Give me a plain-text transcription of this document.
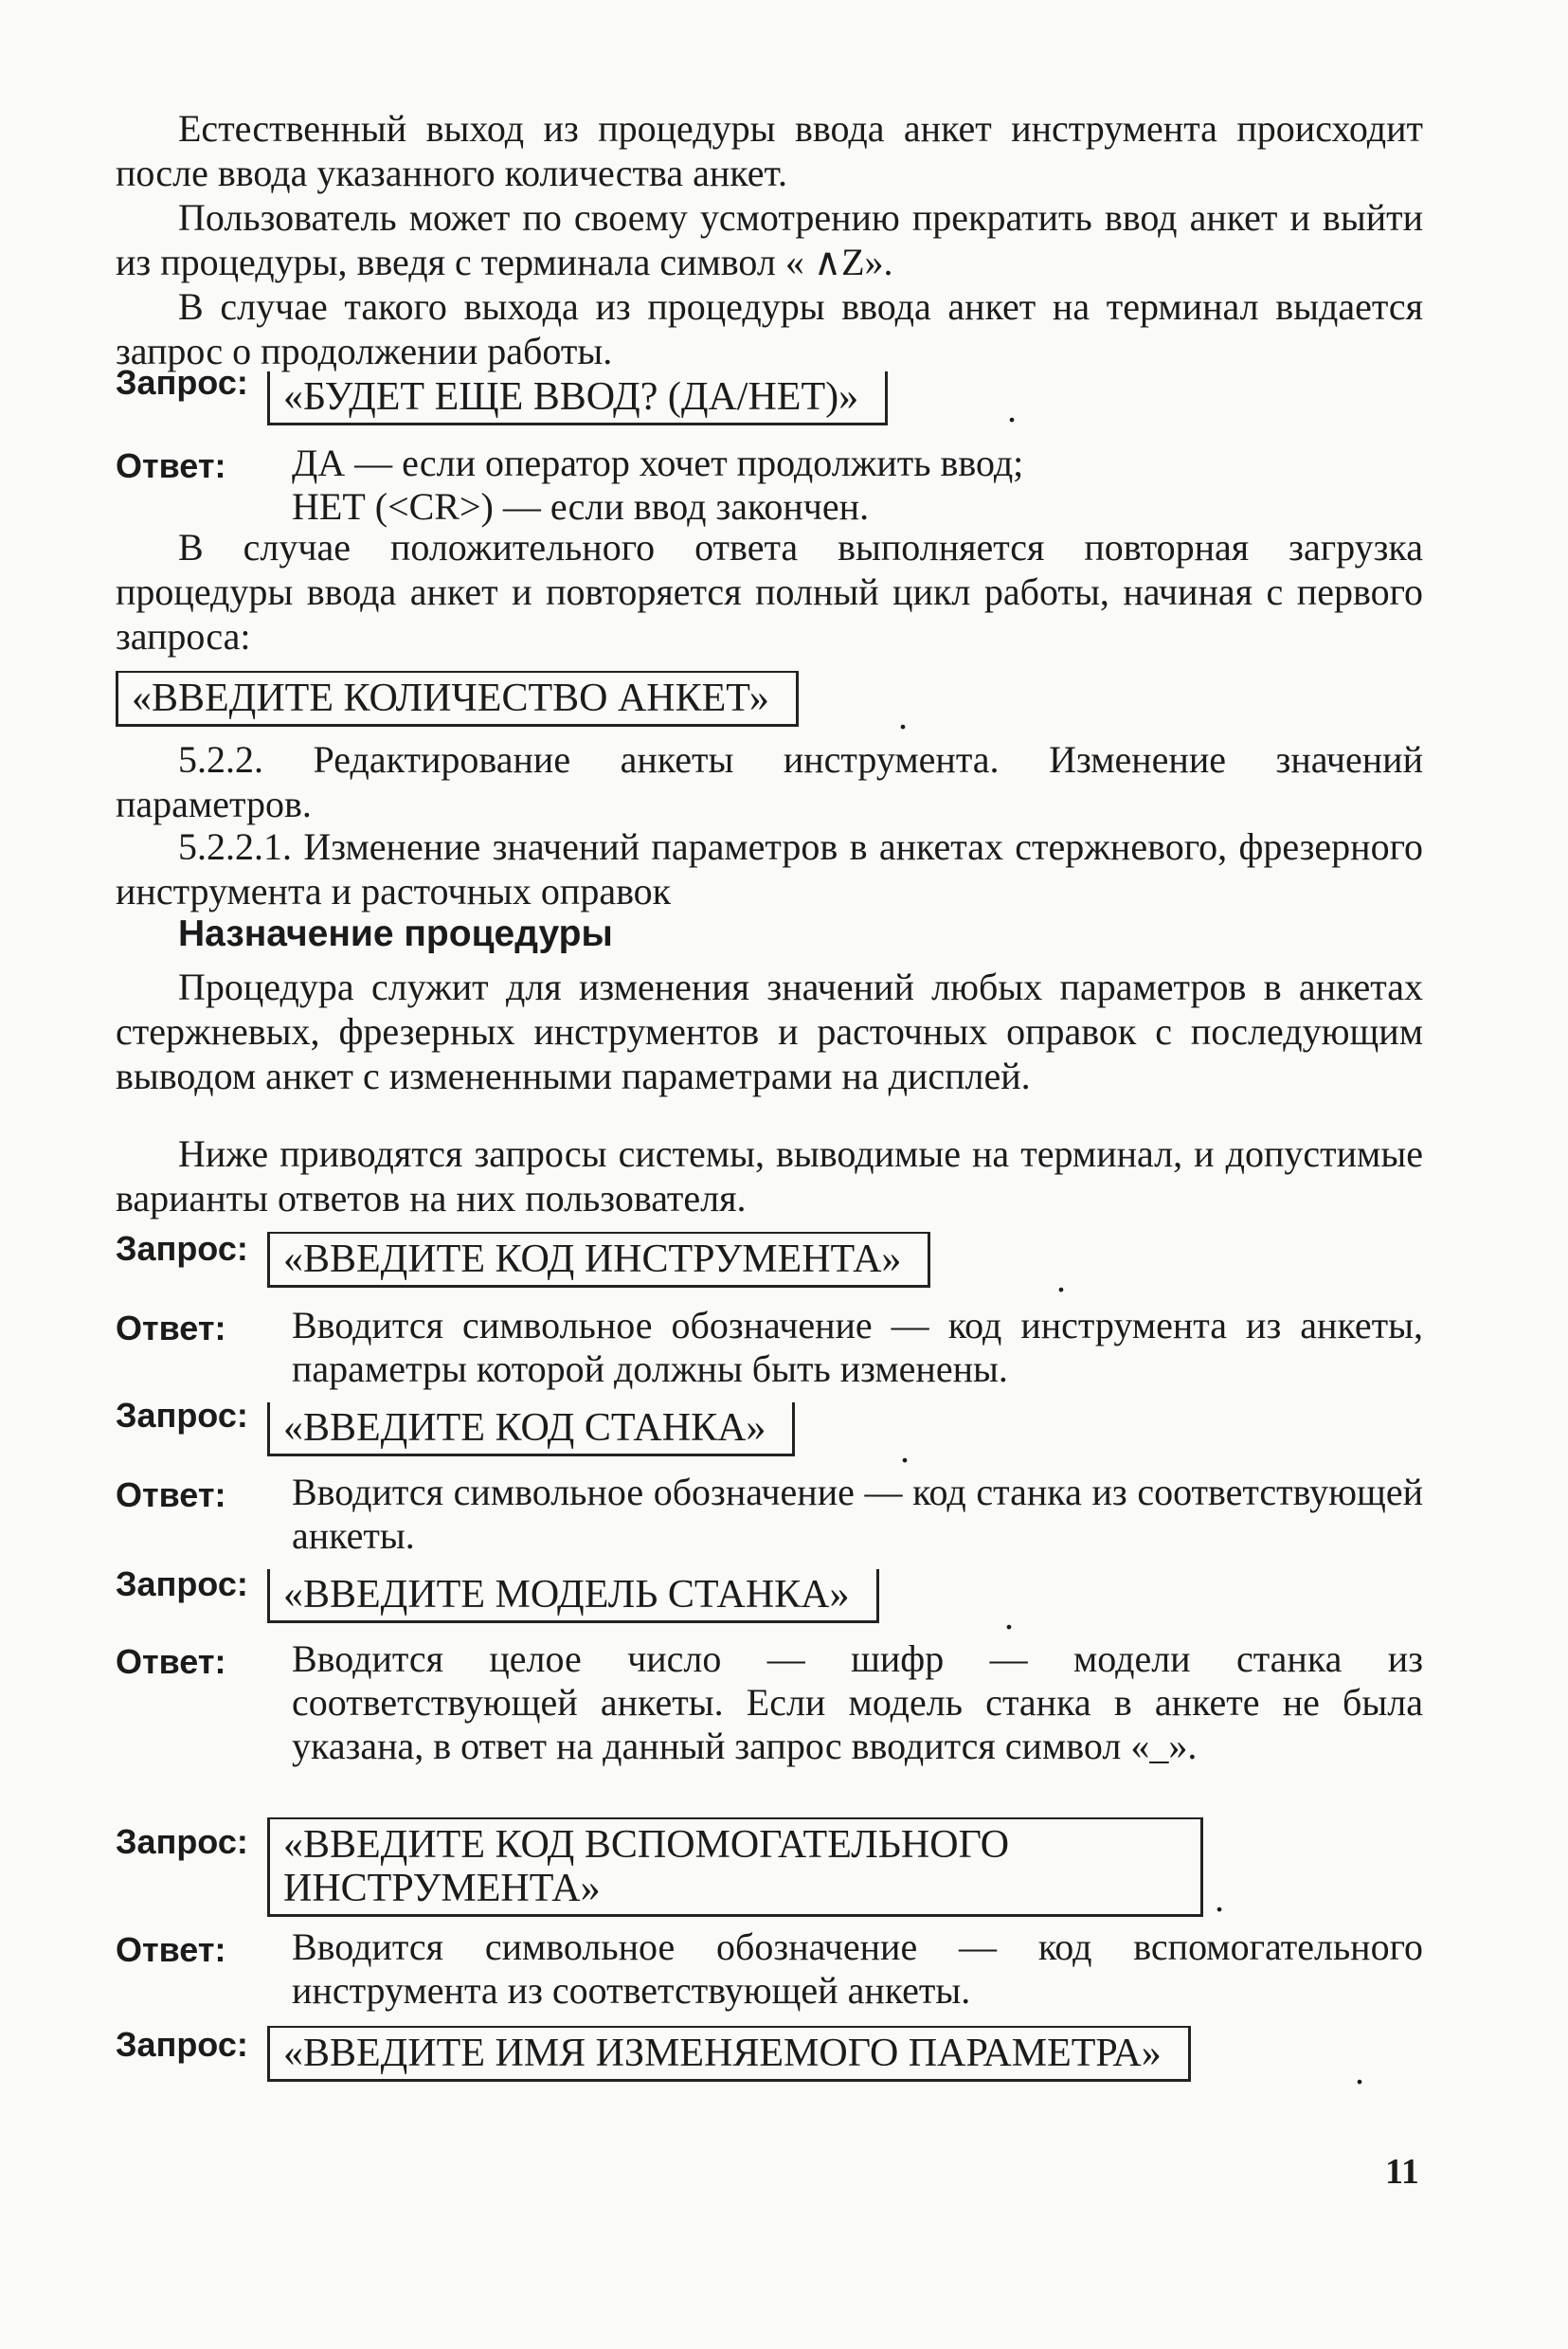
Естественный выход из процедуры ввода анкет инструмента происходит после ввода указанного количества анкет.

Пользователь может по своему усмотрению прекратить ввод анкет и выйти из процедуры, введя с терминала символ « ∧Z».

В случае такого выхода из процедуры ввода анкет на терминал выдается запрос о продолжении работы.

Запрос: «БУДЕТ ЕЩЕ ВВОД? (ДА/НЕТ)»	.
Ответ: ДА — если оператор хочет продолжить ввод;
НЕТ (<CR>) — если ввод закончен.

В случае положительного ответа выполняется повторная загрузка процедуры ввода анкет и повторяется полный цикл работы, начиная с первого запроса:

«ВВЕДИТЕ КОЛИЧЕСТВО АНКЕТ»	.

5.2.2. Редактирование анкеты инструмента. Изменение значений параметров.

5.2.2.1. Изменение значений параметров в анкетах стержневого, фрезерного инструмента и расточных оправок

Назначение процедуры

Процедура служит для изменения значений любых параметров в анкетах стержневых, фрезерных инструментов и расточных оправок с последующим выводом анкет с измененными параметрами на дисплей.

Ниже приводятся запросы системы, выводимые на терминал, и допустимые варианты ответов на них пользователя.

Запрос: «ВВЕДИТЕ КОД ИНСТРУМЕНТА»	.
Ответ: Вводится символьное обозначение — код инструмента из анкеты, параметры которой должны быть изменены.

Запрос: «ВВЕДИТЕ КОД СТАНКА»	.
Ответ: Вводится символьное обозначение — код станка из соответствующей анкеты.

Запрос: «ВВЕДИТЕ МОДЕЛЬ СТАНКА»	.
Ответ: Вводится целое число — шифр — модели станка из соответствующей анкеты. Если модель станка в анкете не была указана, в ответ на данный запрос вводится символ «_».

Запрос: «ВВЕДИТЕ КОД ВСПОМОГАТЕЛЬНОГО
ИНСТРУМЕНТА»	.
Ответ: Вводится символьное обозначение — код вспомогательного инструмента из соответствующей анкеты.

Запрос: «ВВЕДИТЕ ИМЯ ИЗМЕНЯЕМОГО ПАРАМЕТРА»	.
11
